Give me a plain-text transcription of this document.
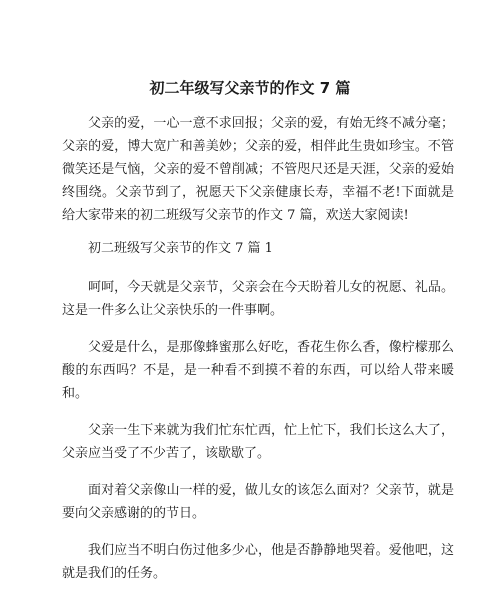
初二年级写父亲节的作文 7 篇

父亲的爱，一心一意不求回报；父亲的爱，有始无终不减分毫；父亲的爱，博大宽广和善美妙；父亲的爱，相伴此生贵如珍宝。不管微笑还是气恼，父亲的爱不曾削减；不管咫尺还是天涯，父亲的爱始终围绕。父亲节到了，祝愿天下父亲健康长寿，幸福不老!下面就是给大家带来的初二班级写父亲节的作文 7 篇，欢送大家阅读!

初二班级写父亲节的作文 7 篇 1

呵呵，今天就是父亲节，父亲会在今天盼着儿女的祝愿、礼品。这是一件多么让父亲快乐的一件事啊。

父爱是什么，是那像蜂蜜那么好吃，香花生你么香，像柠檬那么酸的东西吗？不是，是一种看不到摸不着的东西，可以给人带来暖和。

父亲一生下来就为我们忙东忙西，忙上忙下，我们长这么大了，父亲应当受了不少苦了，该歇歇了。

面对着父亲像山一样的爱，做儿女的该怎么面对？父亲节，就是要向父亲感谢的的节日。

我们应当不明白伤过他多少心，他是否静静地哭着。爱他吧，这就是我们的任务。
